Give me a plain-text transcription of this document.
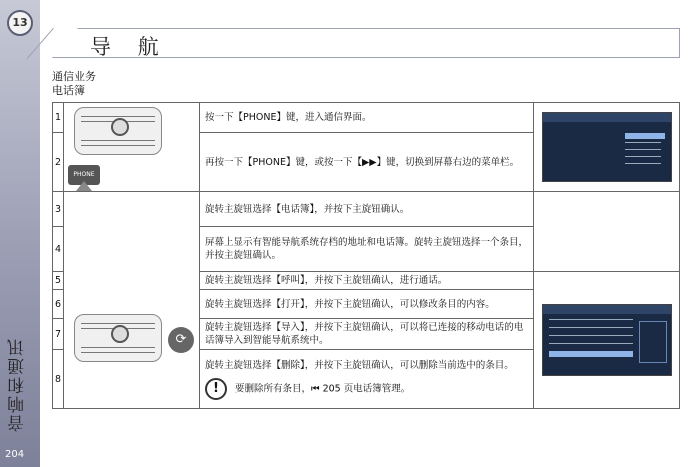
13
音响和通讯
204
导 航
通信业务
电话簿
1	PHONE	按一下【PHONE】键，进入通信界面。	

2		再按一下【PHONE】键，或按一下【▶▶】键，切换到屏幕右边的菜单栏。	
3	⟳	旋转主旋钮选择【电话簿】，并按下主旋钮确认。	
4		屏幕上显示有智能导航系统存档的地址和电话簿。旋转主旋钮选择一个条目，并按主旋钮确认。	
5		旋转主旋钮选择【呼叫】，并按下主旋钮确认，进行通话。	

6		旋转主旋钮选择【打开】，并按下主旋钮确认，可以修改条目的内容。	
7		旋转主旋钮选择【导入】，并按下主旋钮确认，可以将已连接的移动电话的电话簿导入到智能导航系统中。	
8		旋转主旋钮选择【删除】，并按下主旋钮确认，可以删除当前选中的条目。
! 要删除所有条目，⏮ 205 页电话簿管理。	
